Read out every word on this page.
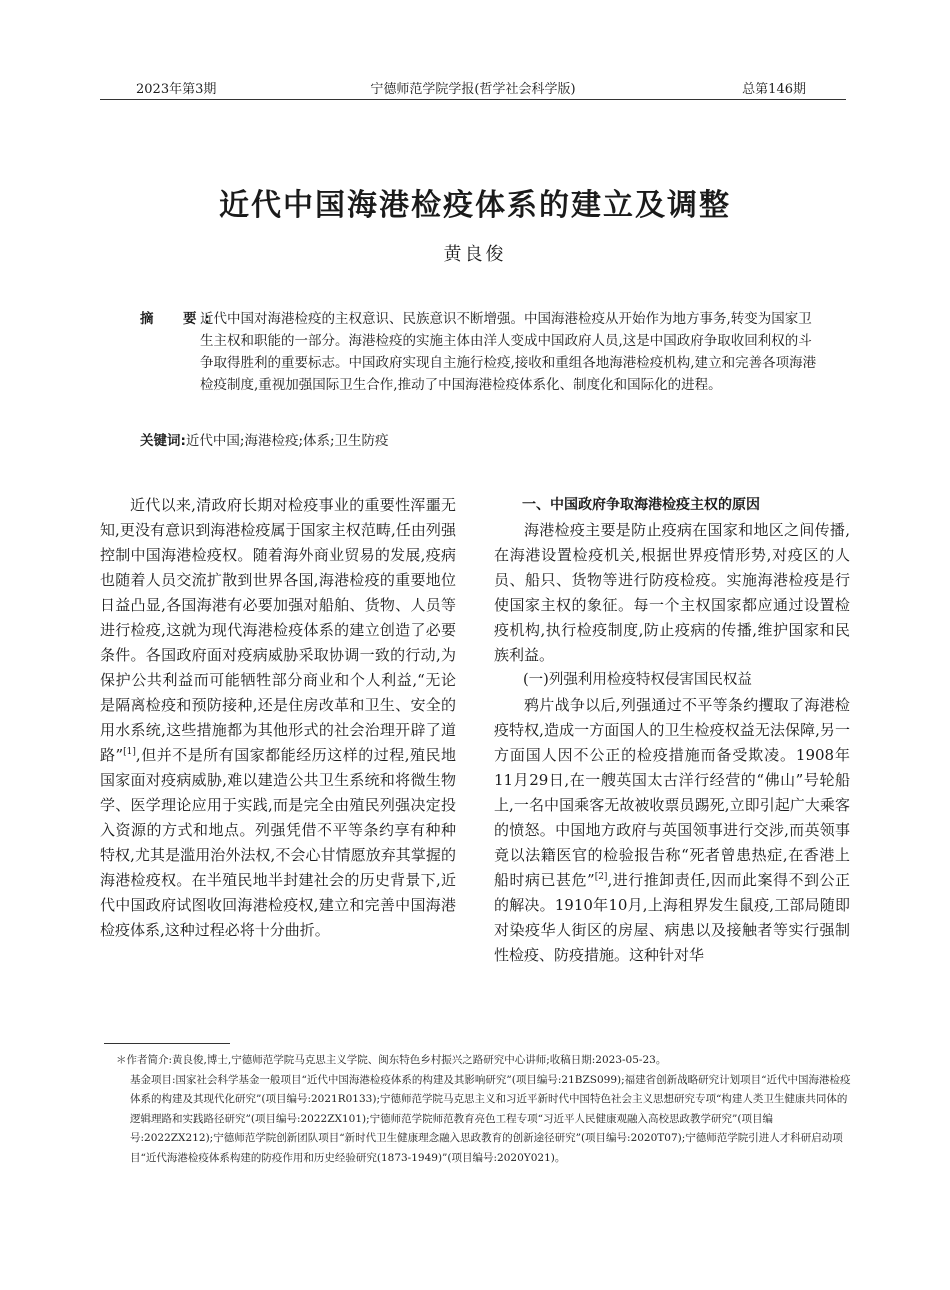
宁德师范学院学报(哲学社会科学版)
2023年第3期	总第146期
近代中国海港检疫体系的建立及调整
黄良俊
摘　要:
近代中国对海港检疫的主权意识、民族意识不断增强。中国海港检疫从开始作为地方事务,转变为国家卫生主权和职能的一部分。海港检疫的实施主体由洋人变成中国政府人员,这是中国政府争取收回利权的斗争取得胜利的重要标志。中国政府实现自主施行检疫,接收和重组各地海港检疫机构,建立和完善各项海港检疫制度,重视加强国际卫生合作,推动了中国海港检疫体系化、制度化和国际化的进程。
关键词:近代中国;海港检疫;体系;卫生防疫

近代以来,清政府长期对检疫事业的重要性浑噩无知,更没有意识到海港检疫属于国家主权范畴,任由列强控制中国海港检疫权。随着海外商业贸易的发展,疫病也随着人员交流扩散到世界各国,海港检疫的重要地位日益凸显,各国海港有必要加强对船舶、货物、人员等进行检疫,这就为现代海港检疫体系的建立创造了必要条件。各国政府面对疫病威胁采取协调一致的行动,为保护公共利益而可能牺牲部分商业和个人利益,“无论是隔离检疫和预防接种,还是住房改革和卫生、安全的用水系统,这些措施都为其他形式的社会治理开辟了道路”[1],但并不是所有国家都能经历这样的过程,殖民地国家面对疫病威胁,难以建造公共卫生系统和将微生物学、医学理论应用于实践,而是完全由殖民列强决定投入资源的方式和地点。列强凭借不平等条约享有种种特权,尤其是滥用治外法权,不会心甘情愿放弃其掌握的海港检疫权。在半殖民地半封建社会的历史背景下,近代中国政府试图收回海港检疫权,建立和完善中国海港检疫体系,这种过程必将十分曲折。

一、中国政府争取海港检疫主权的原因

海港检疫主要是防止疫病在国家和地区之间传播,在海港设置检疫机关,根据世界疫情形势,对疫区的人员、船只、货物等进行防疫检疫。实施海港检疫是行使国家主权的象征。每一个主权国家都应通过设置检疫机构,执行检疫制度,防止疫病的传播,维护国家和民族利益。

(一)列强利用检疫特权侵害国民权益

鸦片战争以后,列强通过不平等条约攫取了海港检疫特权,造成一方面国人的卫生检疫权益无法保障,另一方面国人因不公正的检疫措施而备受欺凌。1908年11月29日,在一艘英国太古洋行经营的“佛山”号轮船上,一名中国乘客无故被收票员踢死,立即引起广大乘客的愤怒。中国地方政府与英国领事进行交涉,而英领事竟以法籍医官的检验报告称“死者曾患热症,在香港上船时病已甚危”[2],进行推卸责任,因而此案得不到公正的解决。1910年10月,上海租界发生鼠疫,工部局随即对染疫华人街区的房屋、病患以及接触者等实行强制性检疫、防疫措施。这种针对华

＊作者简介:黄良俊,博士,宁德师范学院马克思主义学院、闽东特色乡村振兴之路研究中心讲师;收稿日期:2023-05-23。

基金项目:国家社会科学基金一般项目“近代中国海港检疫体系的构建及其影响研究”(项目编号:21BZS099);福建省创新战略研究计划项目“近代中国海港检疫体系的构建及其现代化研究”(项目编号:2021R0133);宁德师范学院马克思主义和习近平新时代中国特色社会主义思想研究专项“构建人类卫生健康共同体的逻辑理路和实践路径研究”(项目编号:2022ZX101);宁德师范学院师范教育亮色工程专项“习近平人民健康观融入高校思政教学研究”(项目编号:2022ZX212);宁德师范学院创新团队项目“新时代卫生健康理念融入思政教育的创新途径研究”(项目编号:2020T07);宁德师范学院引进人才科研启动项目“近代海港检疫体系构建的防疫作用和历史经验研究(1873-1949)”(项目编号:2020Y021)。
